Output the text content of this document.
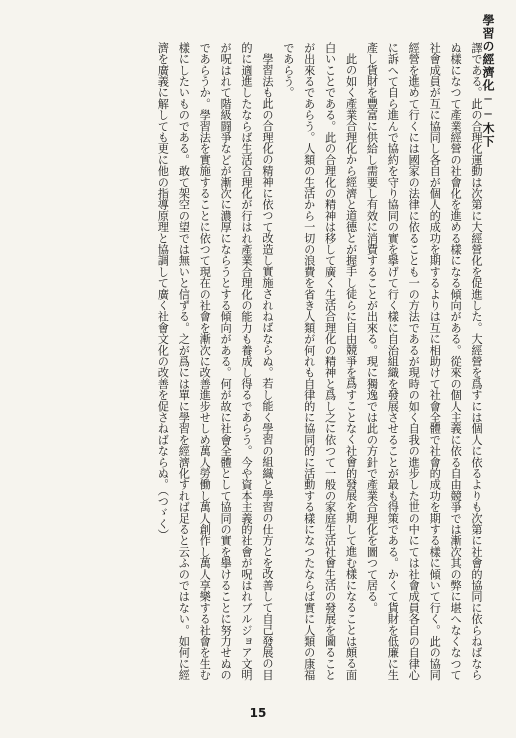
學習の經濟化──木下

譯である。此の合理化運動は次第に大經營化を促進した。大經營を爲すには個人に依るよりも次第に社會的協同に依らねばならぬ樣になつて產業經營の社會化を進める樣になる傾向がある。從來の個人主義に依る自由競爭では漸次其の弊に堪へなくなつて社會成員が互に協同し各自が個人的成功を期するよりは互に相助けて社會全體で社會的成功を期する樣に傾いて行く。此の協同經營を進めて行くには國家の法律に依ることも一の方法であるが現時の如く自我の進步した世の中にては社會成員各自の自律心に訴へて自ら進んで協約を守り協同の實を擧げて行く樣に自治組織を發展させることが最も得策である。かくて貨財を低廉に生產し貨財を豐富に供給し需要し有效に消費することが出來る。現に獨逸では此の方針で產業合理化を圖つて居る。

此の如く產業合理化から經濟と道德とが握手し徒らに自由競爭を爲すことなく社會的發展を期して進む樣になることは頗る面白いことである。此の合理化の精神は移して廣く生活合理化の精神と爲し之に依つて一般の家庭生活社會生活の發展を圖ることが出來るであらう。人類の生活から一切の浪費を省き人類が何れも自律的に協同的に活動する樣になつたならば實に人類の康福であらう。

學習法も此の合理化の精神に依つて改造し實施されねばならぬ。若し能く學習の組織と學習の仕方とを改善して自己發展の目的に適進したならば生活合理化が行はれ產業合理化の能力も養成し得るであらう。今や資本主義的社會が呪はれブルジョア文明が呪はれて階級闘爭などが漸次に濃厚にならうとする傾向がある。何が故に社會全體として協同の實を擧けることに努力せぬのであらうか。學習法を實施することに依つて現在の社會を漸次に改善進步せしめ萬人勞働し萬人創作し萬人享樂する社會を生む樣にしたいものである。敢て架空の望では無いと信ずる。之が爲には單に學習を經濟化すれば足ると云ふのではない。如何に經濟を廣義に解しても更に他の指導原理と協調して廣く社會文化の改善を促さねばならぬ。（つゞく）

15
